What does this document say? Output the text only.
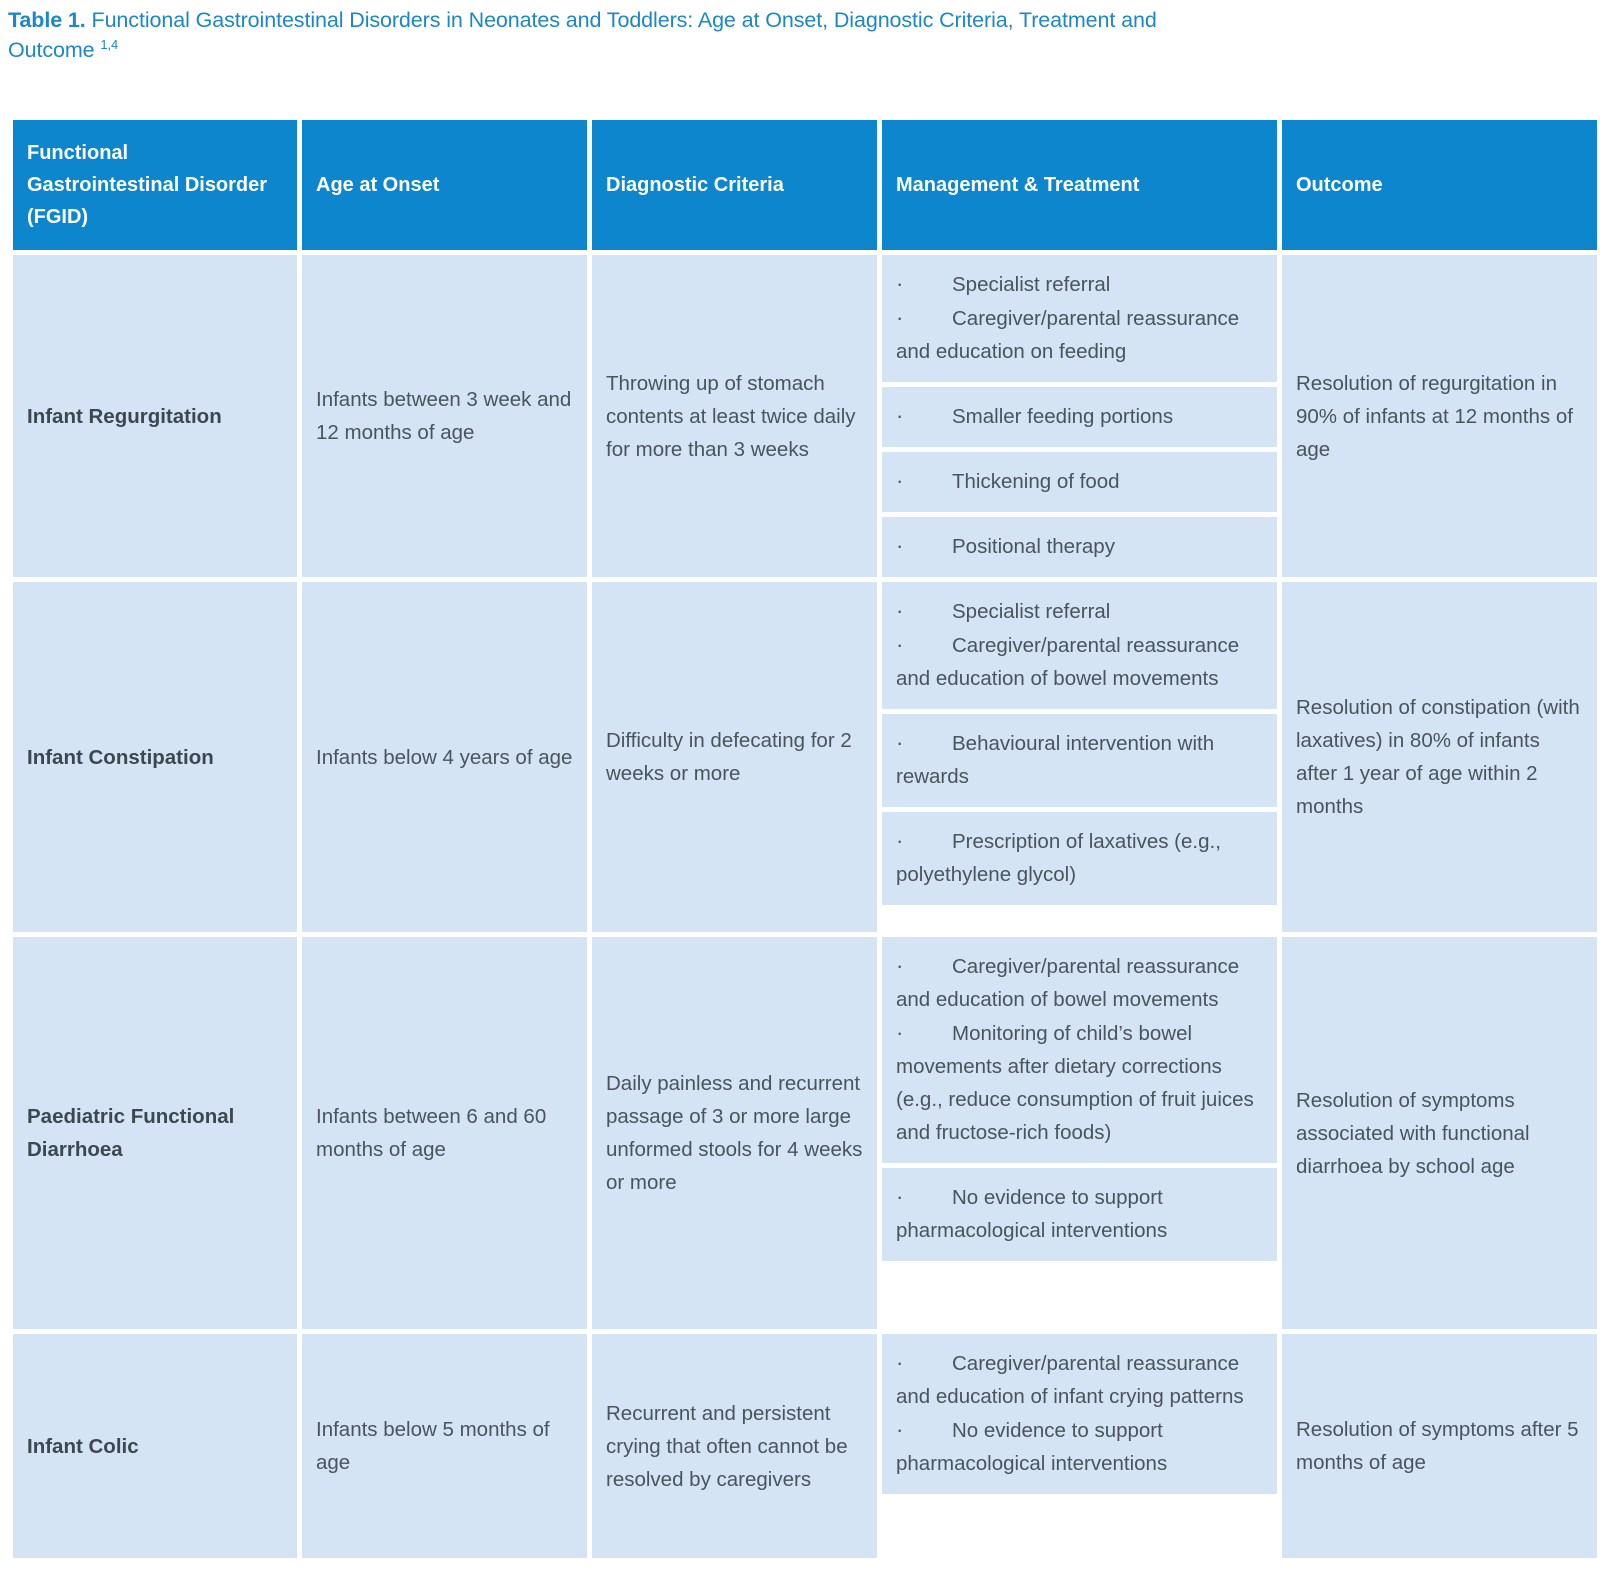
Table 1. Functional Gastrointestinal Disorders in Neonates and Toddlers: Age at Onset, Diagnostic Criteria, Treatment and Outcome $^{1,4}$
Functional Gastrointestinal Disorder (FGID)	Age at Onset	Diagnostic Criteria	Management & Treatment	Outcome
Infant Regurgitation	Infants between 3 week and 12 months of age	Throwing up of stomach contents at least twice daily for more than 3 weeks	
·Specialist referral
·Caregiver/parental reassurance and education on feeding
·Smaller feeding portions
·Thickening of food
·Positional therapy	Resolution of regurgitation in 90% of infants at 12 months of age
Infant Constipation	Infants below 4 years of age	Difficulty in defecating for 2 weeks or more	
·Specialist referral
·Caregiver/parental reassurance and education of bowel movements
·Behavioural intervention with rewards
·Prescription of laxatives (e.g., polyethylene glycol)	Resolution of constipation (with laxatives) in 80% of infants after 1 year of age within 2 months
Paediatric Functional Diarrhoea	Infants between 6 and 60 months of age	Daily painless and recurrent passage of 3 or more large unformed stools for 4 weeks or more	
·Caregiver/parental reassurance and education of bowel movements
·Monitoring of child’s bowel movements after dietary corrections (e.g., reduce consumption of fruit juices and fructose-rich foods)
·No evidence to support pharmacological interventions	Resolution of symptoms associated with functional diarrhoea by school age
Infant Colic	Infants below 5 months of age	Recurrent and persistent crying that often cannot be resolved by caregivers	
·Caregiver/parental reassurance and education of infant crying patterns
·No evidence to support pharmacological interventions	Resolution of symptoms after 5 months of age
